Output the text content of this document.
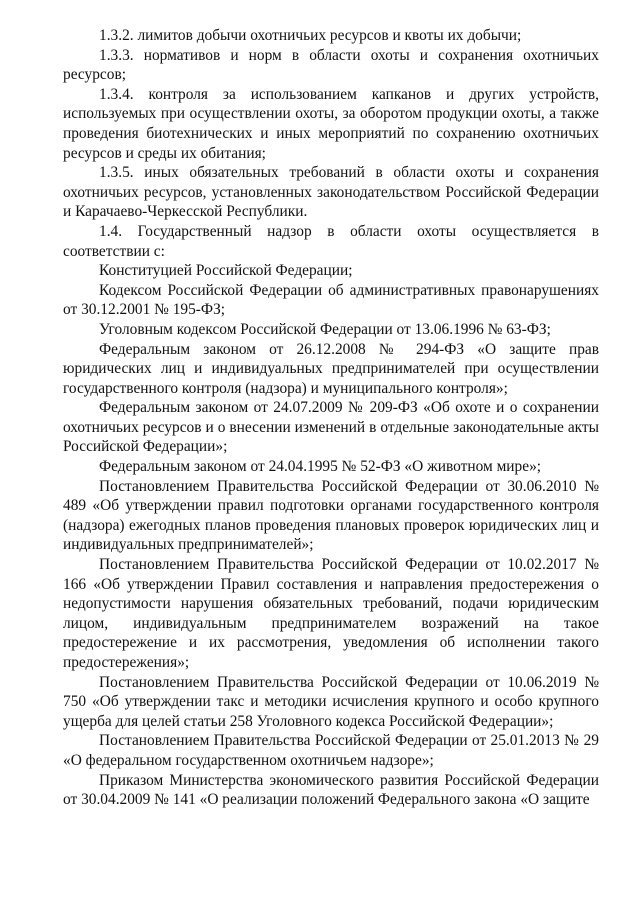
1.3.2. лимитов добычи охотничьих ресурсов и квоты их добычи;

1.3.3. нормативов и норм в области охоты и сохранения охотничьих ресурсов;

1.3.4. контроля за использованием капканов и других устройств, используемых при осуществлении охоты, за оборотом продукции охоты, а также проведения биотехнических и иных мероприятий по сохранению охотничьих ресурсов и среды их обитания;

1.3.5. иных обязательных требований в области охоты и сохранения охотничьих ресурсов, установленных законодательством Российской Федерации и Карачаево-Черкесской Республики.

1.4. Государственный надзор в области охоты осуществляется в соответствии с:

Конституцией Российской Федерации;

Кодексом Российской Федерации об административных правонарушениях от 30.12.2001 № 195-ФЗ;

Уголовным кодексом Российской Федерации от 13.06.1996 № 63-ФЗ;

Федеральным законом от 26.12.2008 № 294-ФЗ «О защите прав юридических лиц и индивидуальных предпринимателей при осуществлении государственного контроля (надзора) и муниципального контроля»;

Федеральным законом от 24.07.2009 № 209-ФЗ «Об охоте и о сохранении охотничьих ресурсов и о внесении изменений в отдельные законодательные акты Российской Федерации»;

Федеральным законом от 24.04.1995 № 52-ФЗ «О животном мире»;

Постановлением Правительства Российской Федерации от 30.06.2010 № 489 «Об утверждении правил подготовки органами государственного контроля (надзора) ежегодных планов проведения плановых проверок юридических лиц и индивидуальных предпринимателей»;

Постановлением Правительства Российской Федерации от 10.02.2017 № 166 «Об утверждении Правил составления и направления предостережения о недопустимости нарушения обязательных требований, подачи юридическим лицом, индивидуальным предпринимателем возражений на такое предостережение и их рассмотрения, уведомления об исполнении такого предостережения»;

Постановлением Правительства Российской Федерации от 10.06.2019 № 750 «Об утверждении такс и методики исчисления крупного и особо крупного ущерба для целей статьи 258 Уголовного кодекса Российской Федерации»;

Постановлением Правительства Российской Федерации от 25.01.2013 № 29 «О федеральном государственном охотничьем надзоре»;

Приказом Министерства экономического развития Российской Федерации от 30.04.2009 № 141 «О реализации положений Федерального закона «О защите
